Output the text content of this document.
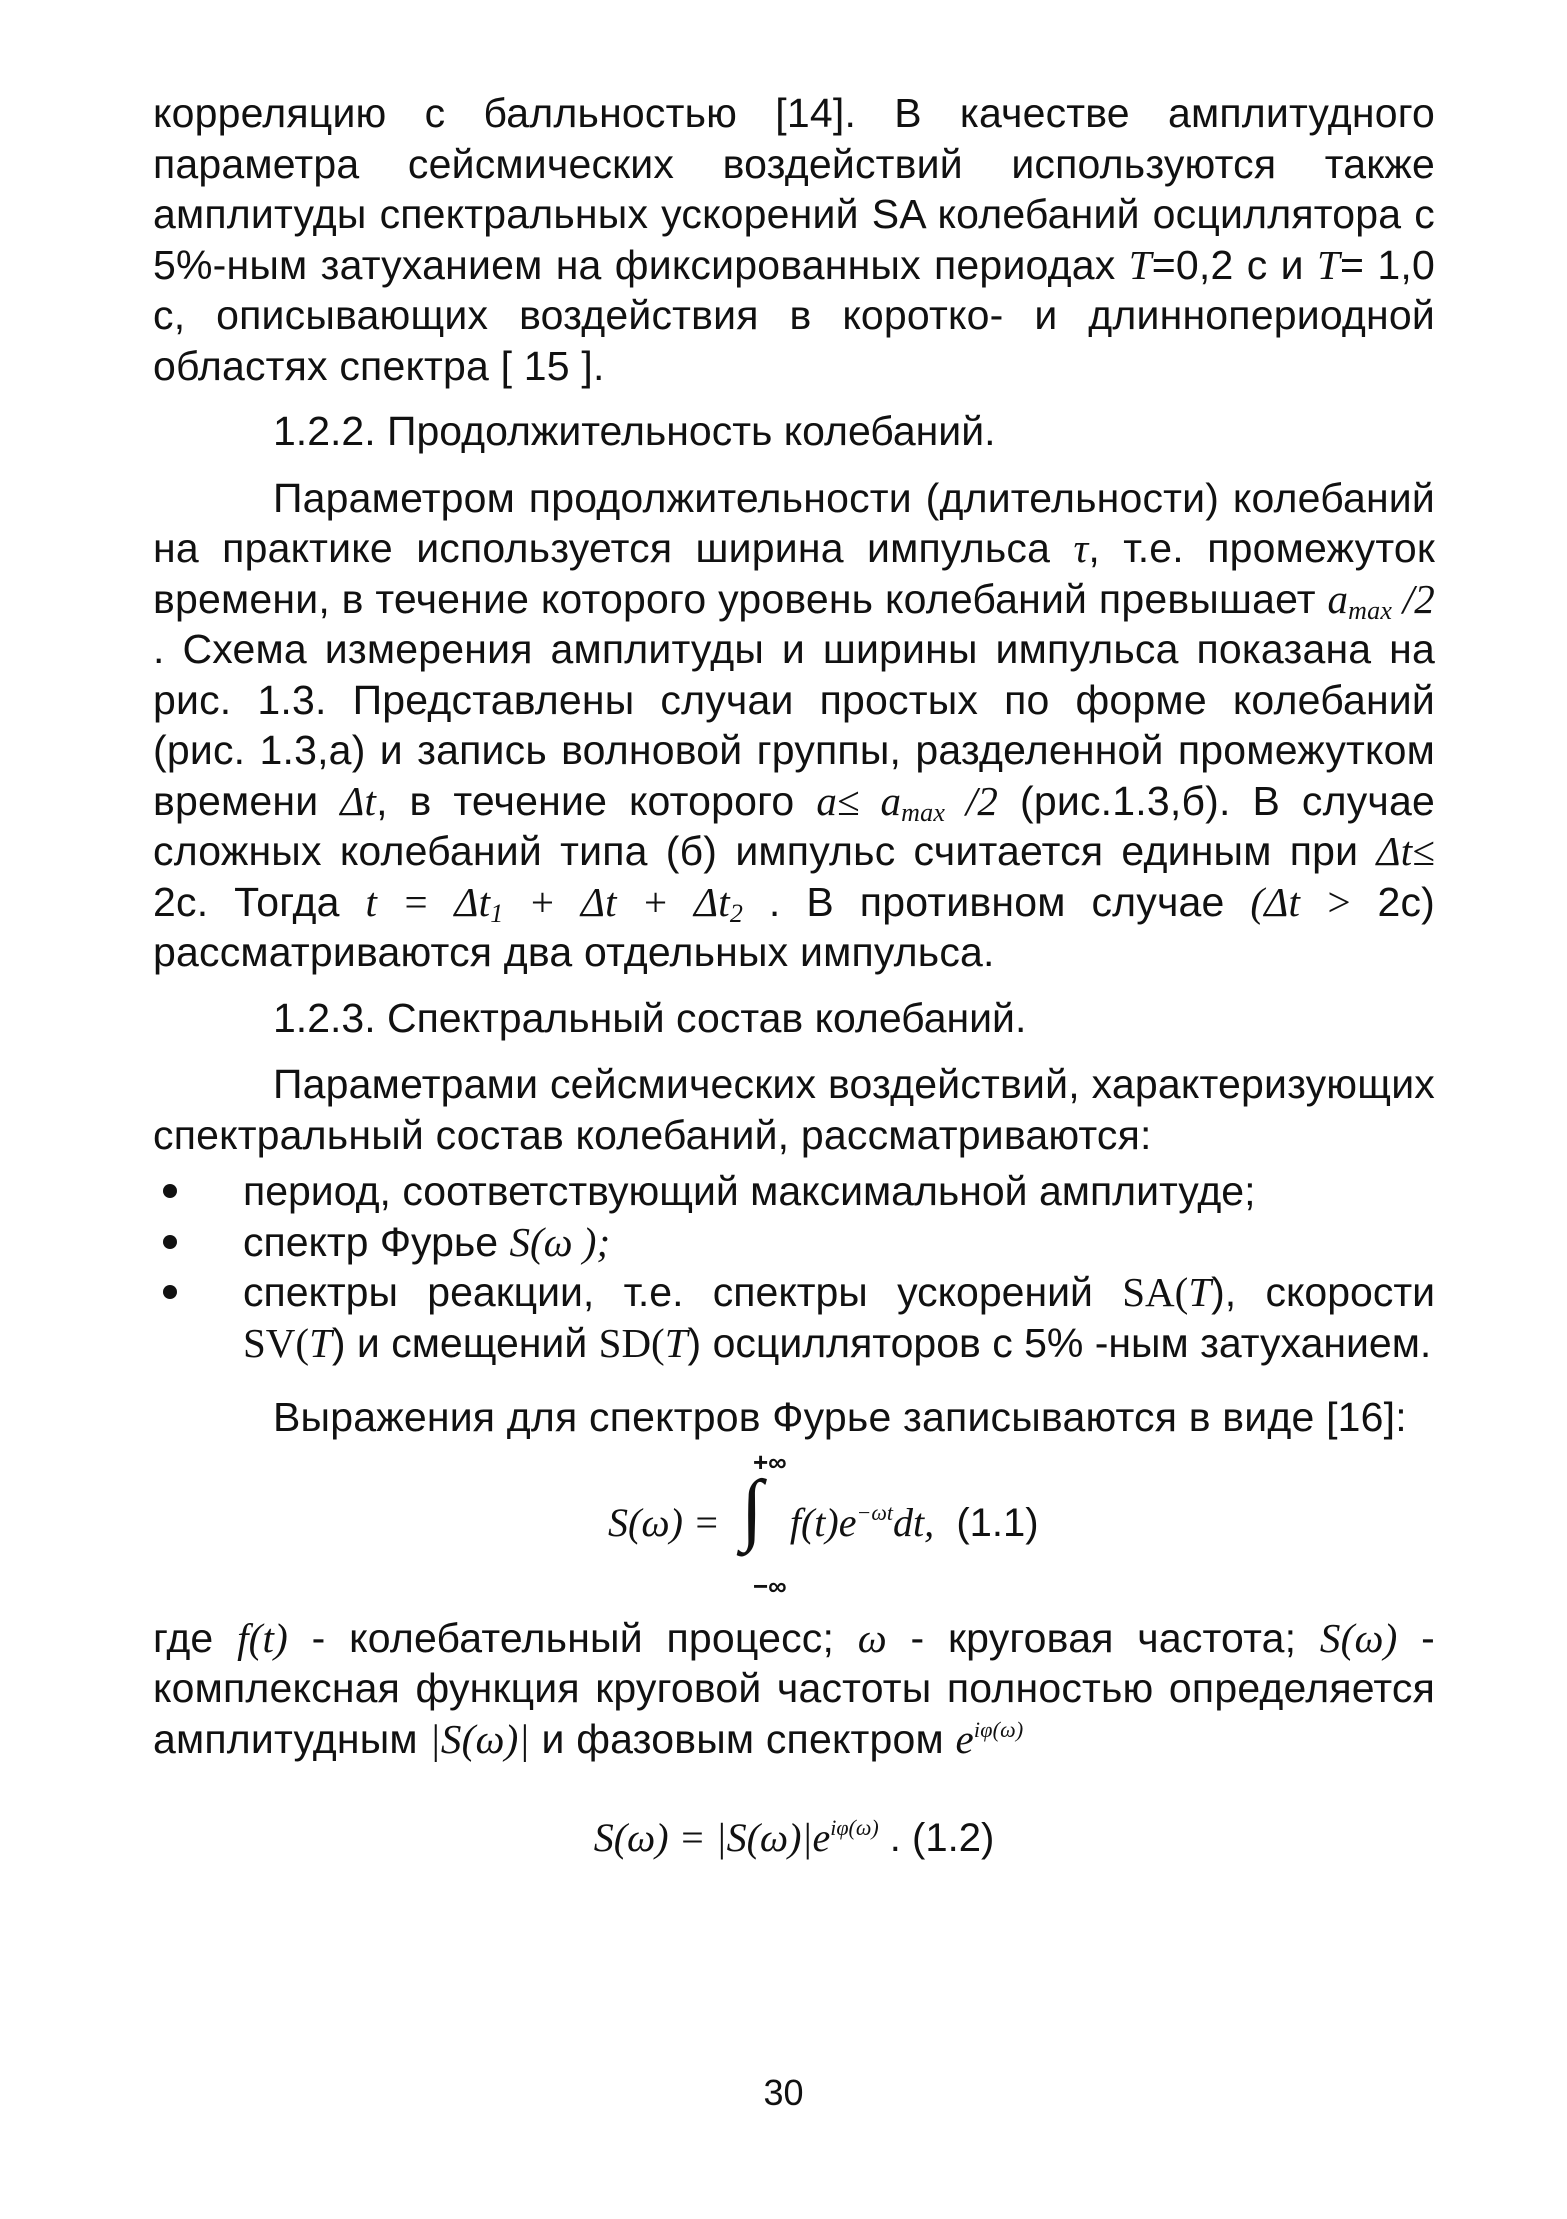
корреляцию с балльностью [14]. В качестве амплитудного параметра сейсмических воздействий используются также амплитуды спектральных ускорений SA колебаний осциллятора с 5%-ным затуханием на фиксированных периодах T=0,2 с и T= 1,0 с, описывающих воздействия в коротко- и длиннопериодной областях спектра [ 15 ].

1.2.2. Продолжительность колебаний.

Параметром продолжительности (длительности) колебаний на практике используется ширина импульса τ, т.е. промежуток времени, в течение которого уровень колебаний превышает $a_{max}$ /2 . Схема измерения амплитуды и ширины импульса показана на рис. 1.3. Представлены случаи простых по форме колебаний (рис. 1.3,а) и запись волновой группы, разделенной промежутком времени Δt, в течение которого $a\le a_{max}$ /2 (рис.1.3,б). В случае сложных колебаний типа (б) импульс считается единым при Δt≤ 2с. Тогда $t = \Delta t_1 + \Delta t + \Delta t_2$ . В противном случае (Δt > 2с) рассматриваются два отдельных импульса.

1.2.3. Спектральный состав колебаний.

Параметрами сейсмических воздействий, характеризующих спектральный состав колебаний, рассматриваются:

период, соответствующий максимальной амплитуде;
спектр Фурье S(ω );
спектры реакции, т.е. спектры ускорений SA(T), скорости SV(T) и смещений SD(T) осцилляторов с 5% -ным затуханием.

Выражения для спектров Фурье записываются в виде [16]:

+∞
∫
−∞
$S(\omega) = f(t)e^{-\omega t}dt$, (1.1)

где f(t) - колебательный процесс; ω - круговая частота; S(ω) - комплексная функция круговой частоты полностью определяется амплитудным |S(ω)| и фазовым спектром $e^{i\varphi(\omega)}$

$S(\omega) = |S(\omega)|e^{i\varphi(\omega)}$ . (1.2)
30
